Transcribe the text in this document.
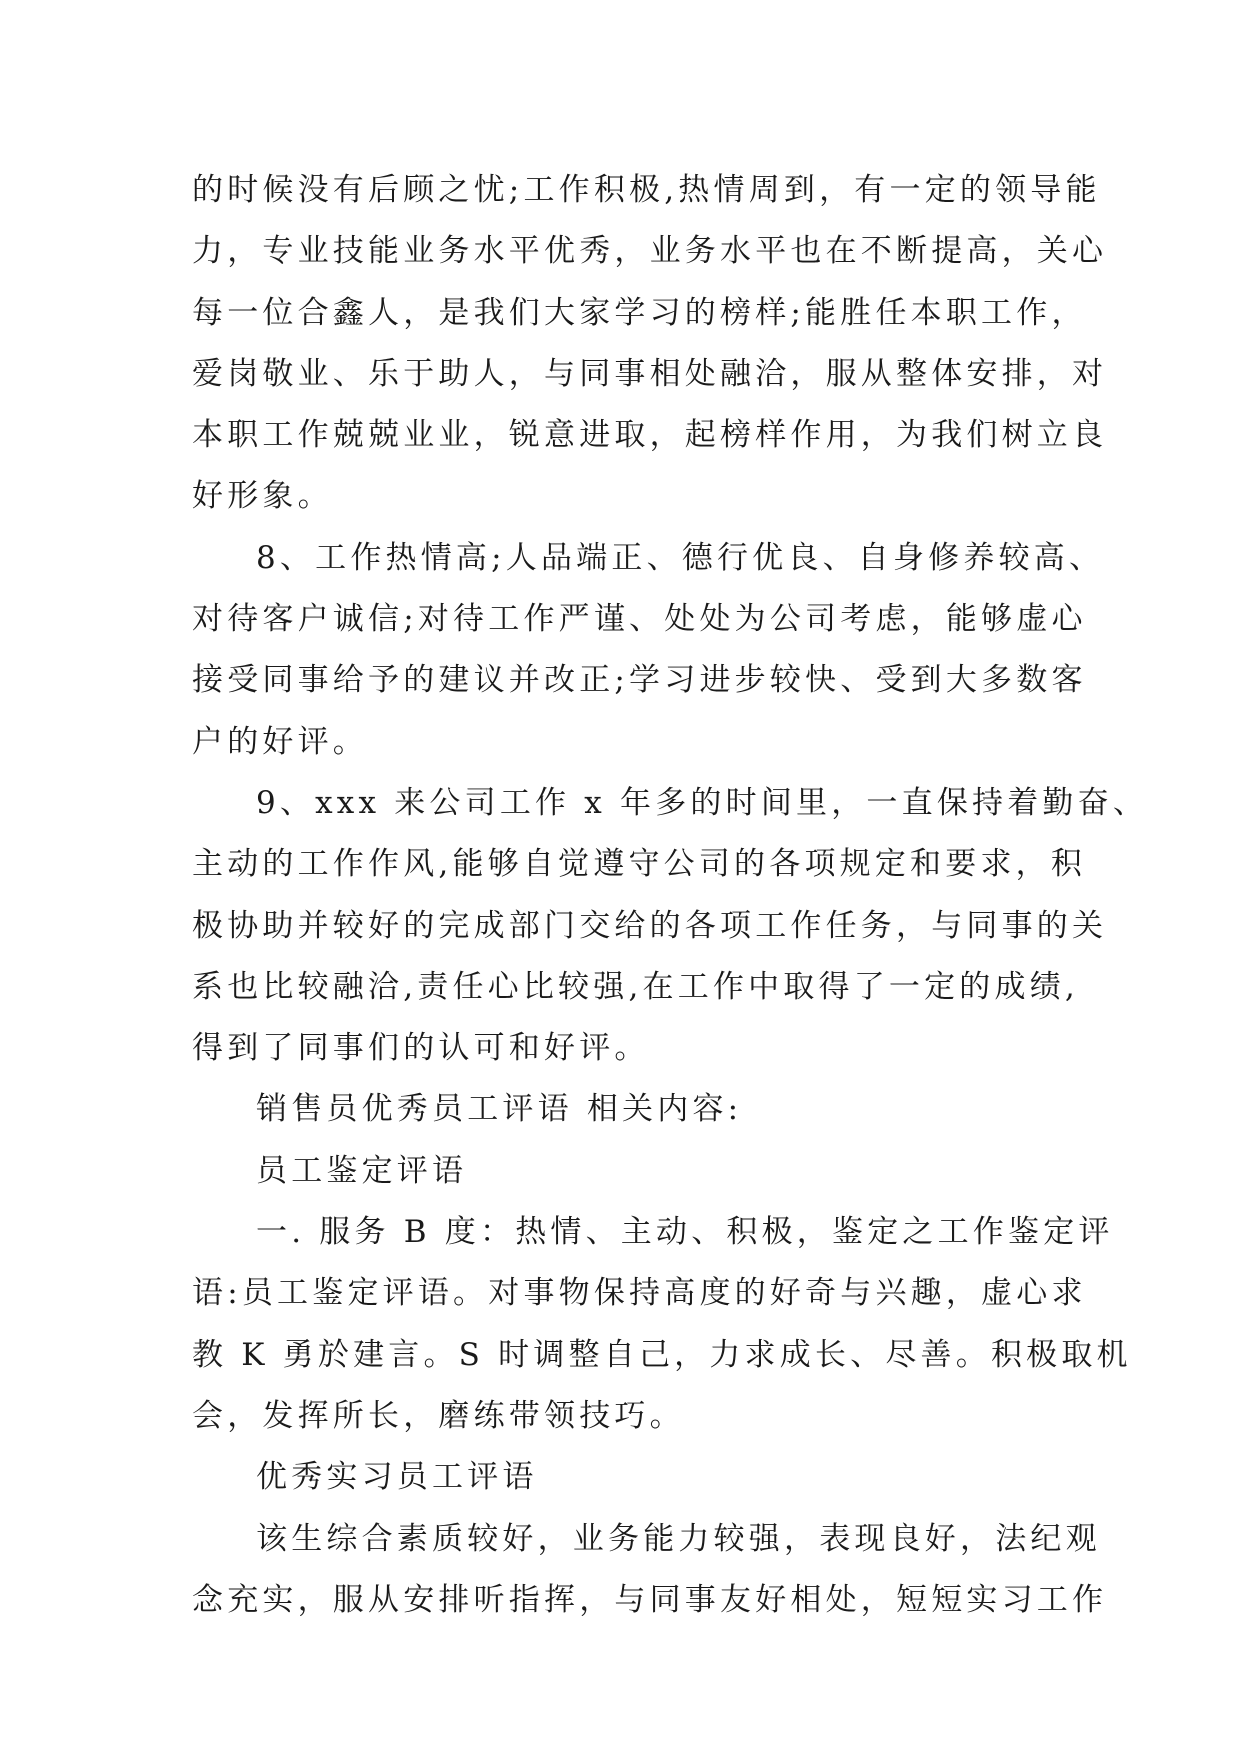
的时候没有后顾之忧;工作积极,热情周到，有一定的领导能
力，专业技能业务水平优秀，业务水平也在不断提高，关心
每一位合鑫人，是我们大家学习的榜样;能胜任本职工作，
爱岗敬业、乐于助人，与同事相处融洽，服从整体安排，对
本职工作兢兢业业，锐意进取，起榜样作用，为我们树立良
好形象。
8、工作热情高;人品端正、德行优良、自身修养较高、
对待客户诚信;对待工作严谨、处处为公司考虑，能够虚心
接受同事给予的建议并改正;学习进步较快、受到大多数客
户的好评。
9、xxx 来公司工作 x 年多的时间里，一直保持着勤奋、
主动的工作作风,能够自觉遵守公司的各项规定和要求，积
极协助并较好的完成部门交给的各项工作任务，与同事的关
系也比较融洽,责任心比较强,在工作中取得了一定的成绩,
得到了同事们的认可和好评。
销售员优秀员工评语 相关内容:
员工鉴定评语
一. 服务 B 度：热情、主动、积极，鉴定之工作鉴定评
语:员工鉴定评语。对事物保持高度的好奇与兴趣，虚心求
教 K 勇於建言。S 时调整自己，力求成长、尽善。积极取机
会，发挥所长，磨练带领技巧。
优秀实习员工评语
该生综合素质较好，业务能力较强，表现良好，法纪观
念充实，服从安排听指挥，与同事友好相处，短短实习工作
